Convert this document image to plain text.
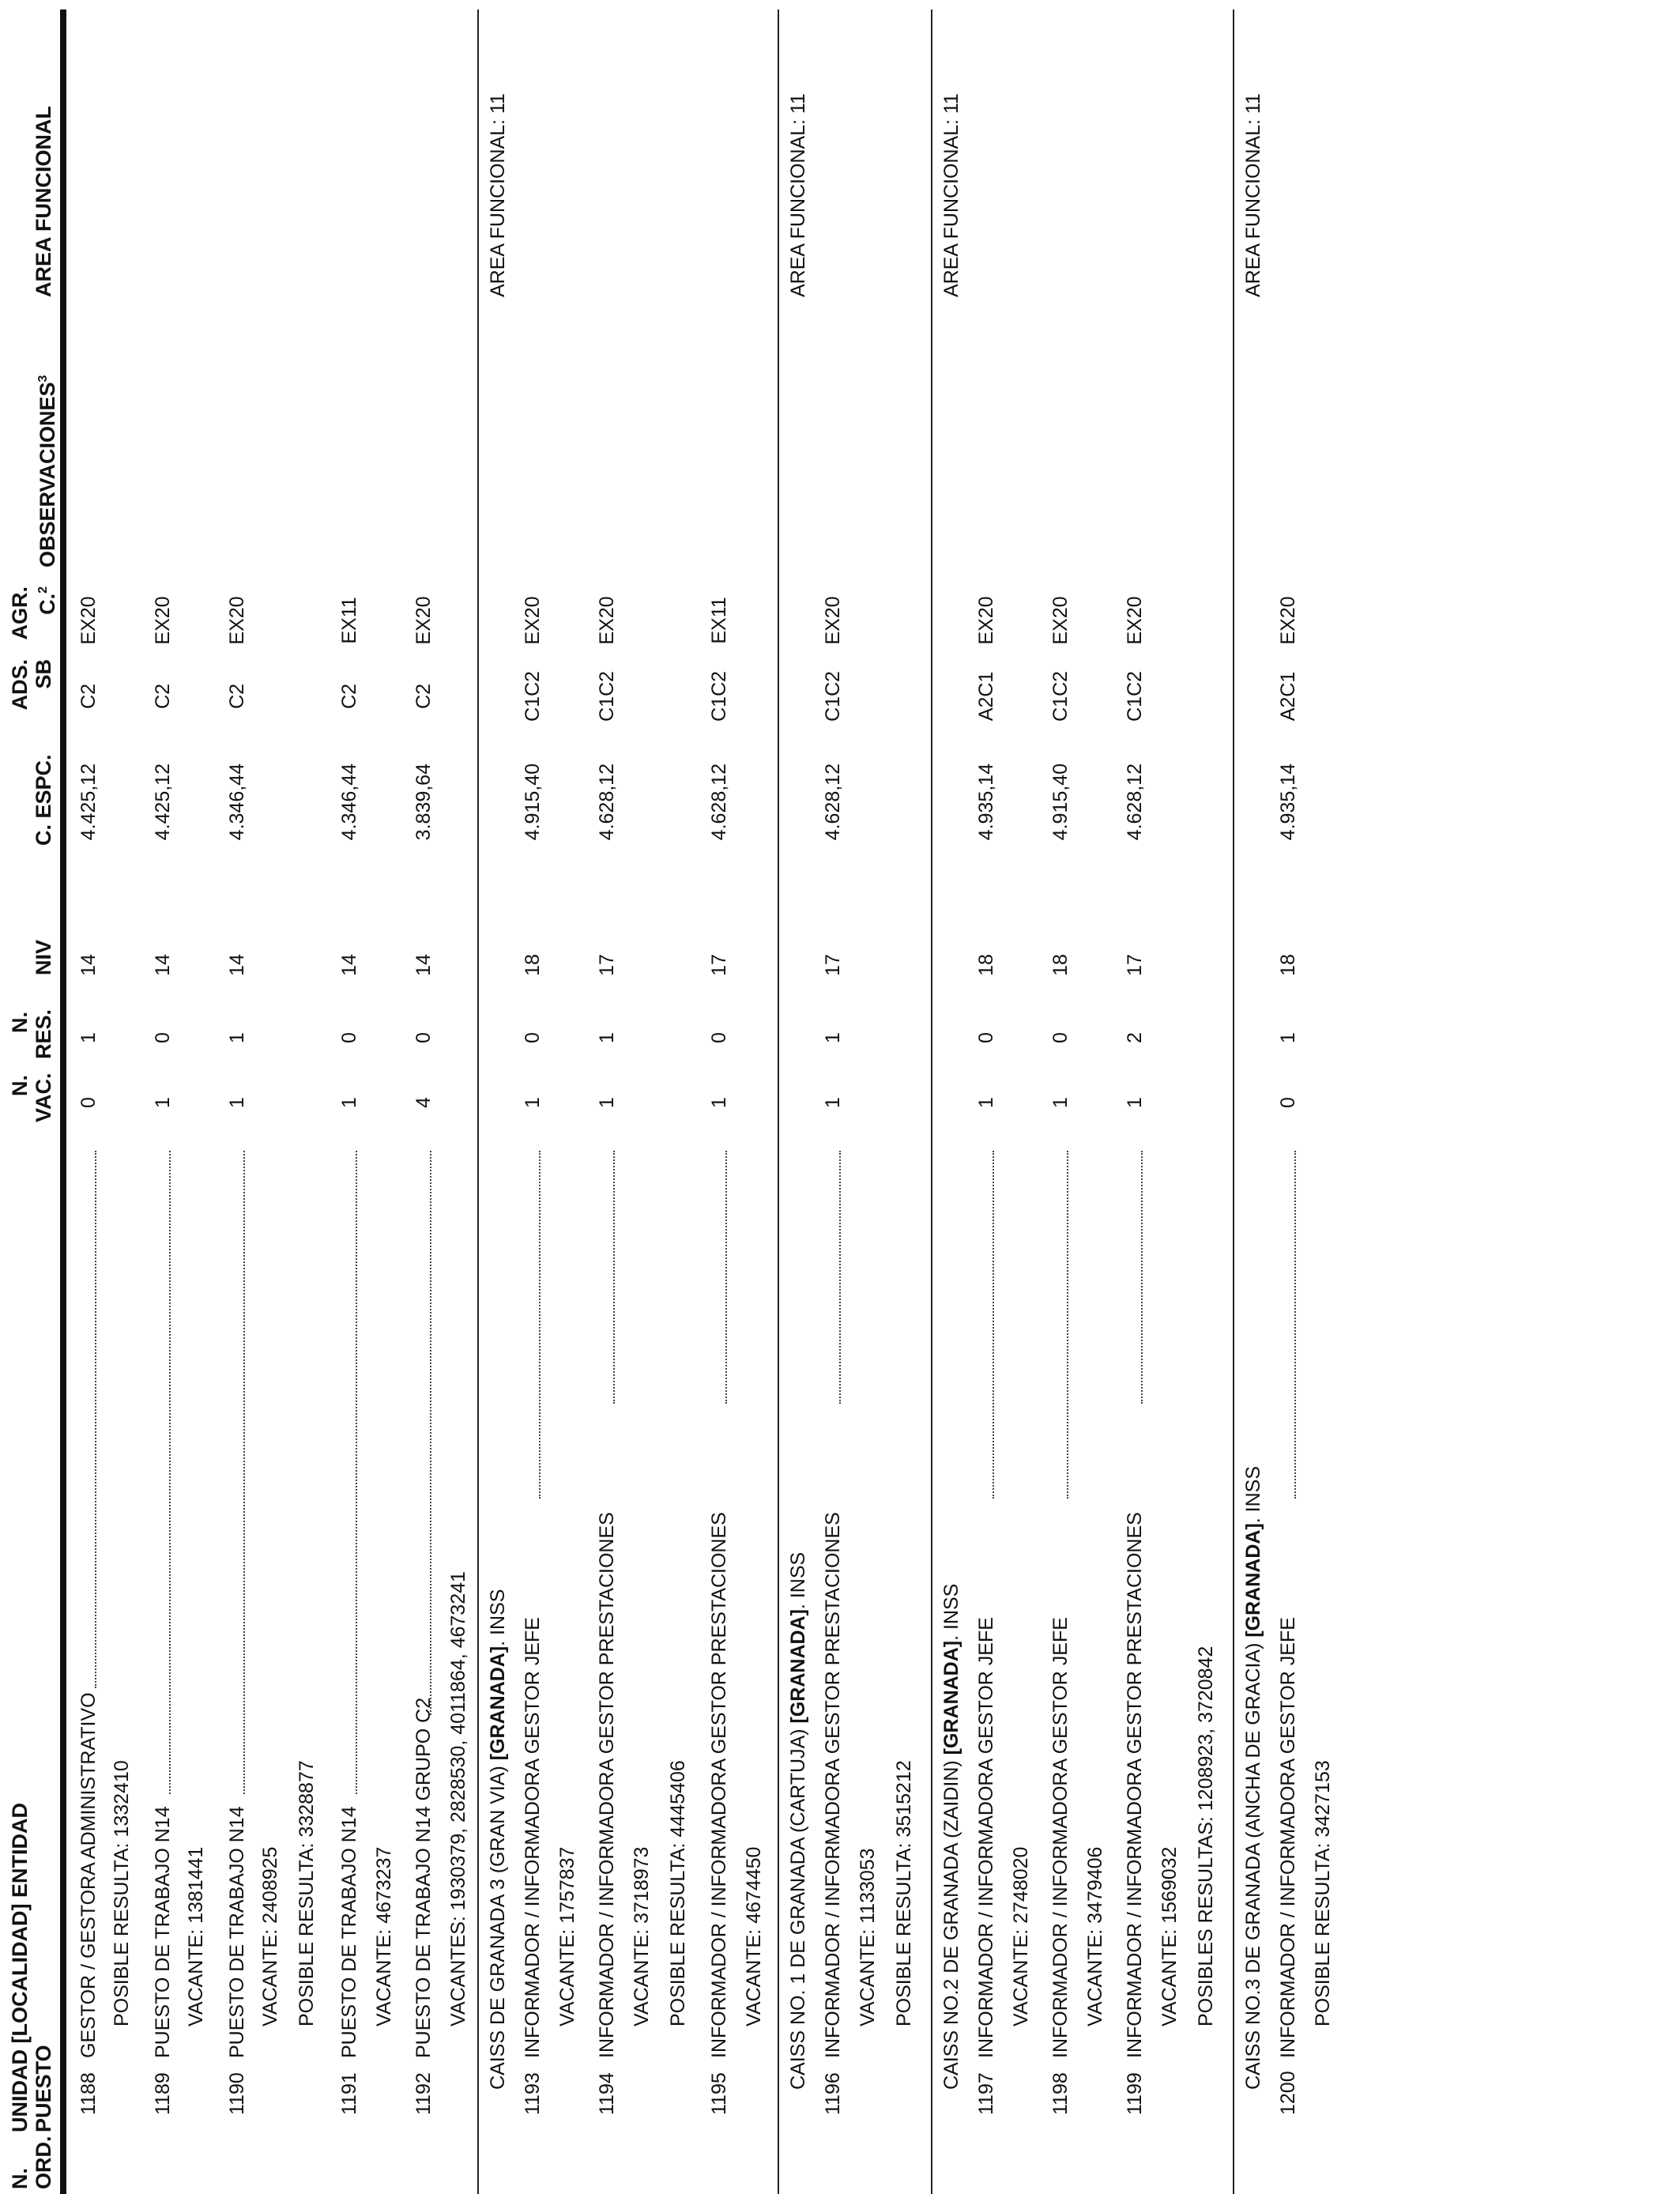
N. ORD.
UNIDAD [LOCALIDAD] ENTIDAD PUESTO
N. VAC.
N. RES.
NIV
C. ESPC.
ADS. SB
AGR. C.$^2$
OBSERVACIONES$^3$
AREA FUNCIONAL
1188
GESTOR / GESTORA ADMINISTRATIVO
0
1
14
4.425,12
C2
EX20
POSIBLE RESULTA: 1332410
1189
PUESTO DE TRABAJO N14
1
0
14
4.425,12
C2
EX20
VACANTE: 1381441
1190
PUESTO DE TRABAJO N14
1
1
14
4.346,44
C2
EX20
VACANTE: 2408925 POSIBLE RESULTA: 3328877
1191
PUESTO DE TRABAJO N14
1
0
14
4.346,44
C2
EX11
VACANTE: 4673237
1192
PUESTO DE TRABAJO N14 GRUPO C2
4
0
14
3.839,64
C2
EX20
VACANTES: 1930379, 2828530, 4011864, 4673241 CAISS DE GRANADA 3 (GRAN VIA) [GRANADA]. INSS
AREA FUNCIONAL: 11
1193
INFORMADOR / INFORMADORA GESTOR JEFE
1
0
18
4.915,40
C1C2
EX20
VACANTE: 1757837
1194
INFORMADOR / INFORMADORA GESTOR PRESTACIONES
1
1
17
4.628,12
C1C2
EX20
VACANTE: 3718973 POSIBLE RESULTA: 4445406
1195
INFORMADOR / INFORMADORA GESTOR PRESTACIONES
1
0
17
4.628,12
C1C2
EX11
VACANTE: 4674450 CAISS NO. 1 DE GRANADA (CARTUJA) [GRANADA]. INSS
AREA FUNCIONAL: 11
1196
INFORMADOR / INFORMADORA GESTOR PRESTACIONES
1
1
17
4.628,12
C1C2
EX20
VACANTE: 1133053 POSIBLE RESULTA: 3515212 CAISS NO.2 DE GRANADA (ZAIDIN) [GRANADA]. INSS
AREA FUNCIONAL: 11
1197
INFORMADOR / INFORMADORA GESTOR JEFE
1
0
18
4.935,14
A2C1
EX20
VACANTE: 2748020
1198
INFORMADOR / INFORMADORA GESTOR JEFE
1
0
18
4.915,40
C1C2
EX20
VACANTE: 3479406
1199
INFORMADOR / INFORMADORA GESTOR PRESTACIONES
1
2
17
4.628,12
C1C2
EX20
VACANTE: 1569032 POSIBLES RESULTAS: 1208923, 3720842 CAISS NO.3 DE GRANADA (ANCHA DE GRACIA) [GRANADA]. INSS
AREA FUNCIONAL: 11
1200
INFORMADOR / INFORMADORA GESTOR JEFE
0
1
18
4.935,14
A2C1
EX20
POSIBLE RESULTA: 3427153
